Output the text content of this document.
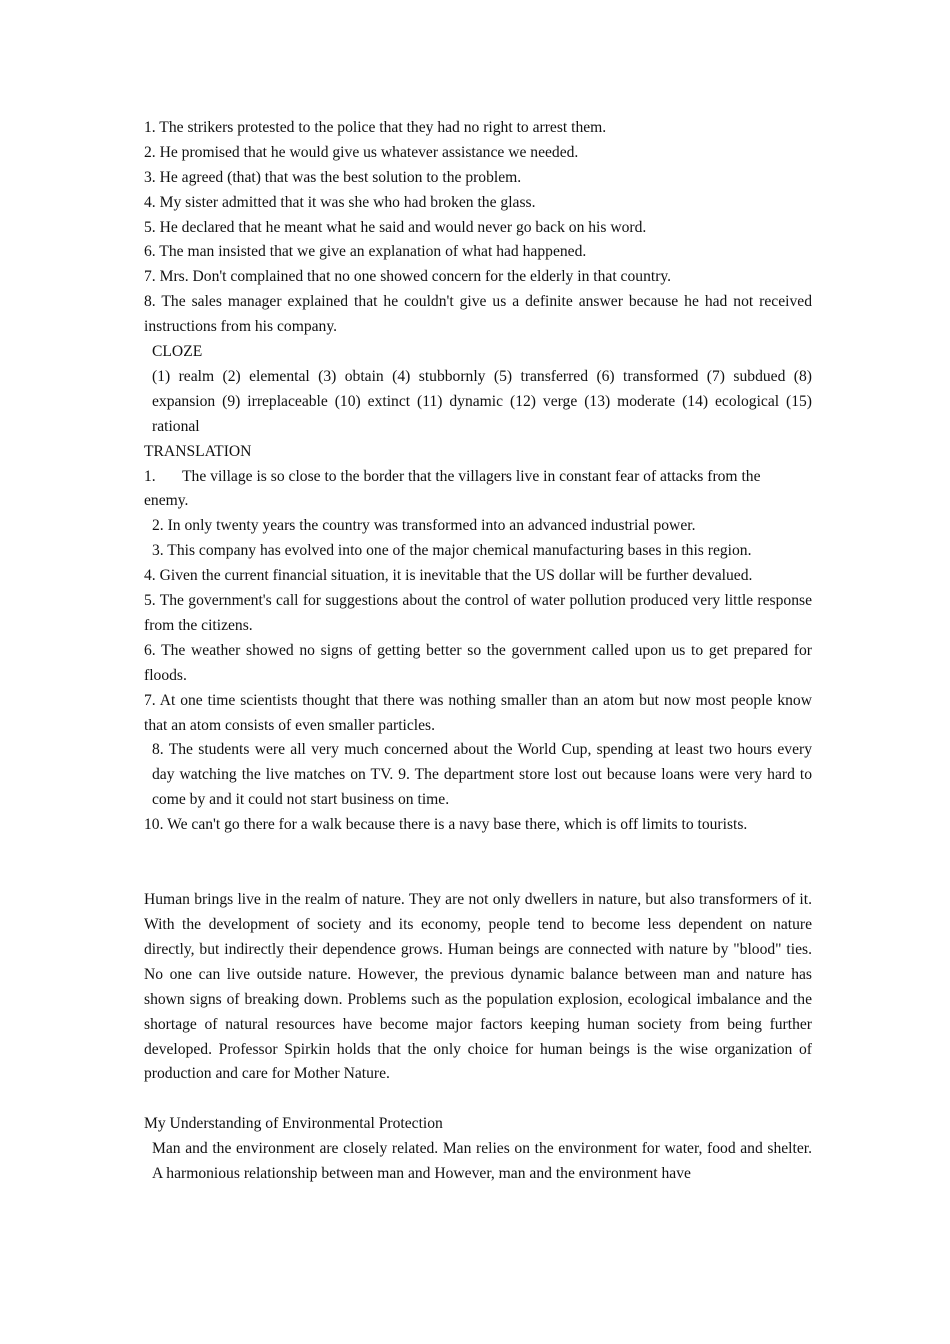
1. The strikers protested to the police that they had no right to arrest them.
2. He promised that he would give us whatever assistance we needed.
3. He agreed (that) that was the best solution to the problem.
4. My sister admitted that it was she who had broken the glass.
5. He declared that he meant what he said and would never go back on his word.
6. The man insisted that we give an explanation of what had happened.
7. Mrs. Don't complained that no one showed concern for the elderly in that country.
8. The sales manager explained that he couldn't give us a definite answer because he had not received instructions from his company.
CLOZE
(1) realm (2) elemental (3) obtain (4) stubbornly (5) transferred (6) transformed (7) subdued (8) expansion (9) irreplaceable (10) extinct (11) dynamic (12) verge (13) moderate (14) ecological (15) rational
TRANSLATION
1.	The village is so close to the border that the villagers live in constant fear of attacks from the
enemy.
2. In only twenty years the country was transformed into an advanced industrial power.
3. This company has evolved into one of the major chemical manufacturing bases in this region.
4. Given the current financial situation, it is inevitable that the US dollar will be further devalued.
5. The government's call for suggestions about the control of water pollution produced very little response from the citizens.
6. The weather showed no signs of getting better so the government called upon us to get prepared for floods.
7. At one time scientists thought that there was nothing smaller than an atom but now most people know that an atom consists of even smaller particles.
8. The students were all very much concerned about the World Cup, spending at least two hours every day watching the live matches on TV. 9. The department store lost out because loans were very hard to come by and it could not start business on time.
10. We can't go there for a walk because there is a navy base there, which is off limits to tourists.
Human brings live in the realm of nature. They are not only dwellers in nature, but also transformers of it. With the development of society and its economy, people tend to become less dependent on nature directly, but indirectly their dependence grows. Human beings are connected with nature by "blood" ties. No one can live outside nature. However, the previous dynamic balance between man and nature has shown signs of breaking down. Problems such as the population explosion, ecological imbalance and the shortage of natural resources have become major factors keeping human society from being further developed. Professor Spirkin holds that the only choice for human beings is the wise organization of production and care for Mother Nature.
My Understanding of Environmental Protection
Man and the environment are closely related. Man relies on the environment for water, food and shelter. A harmonious relationship between man and However, man and the environment have
